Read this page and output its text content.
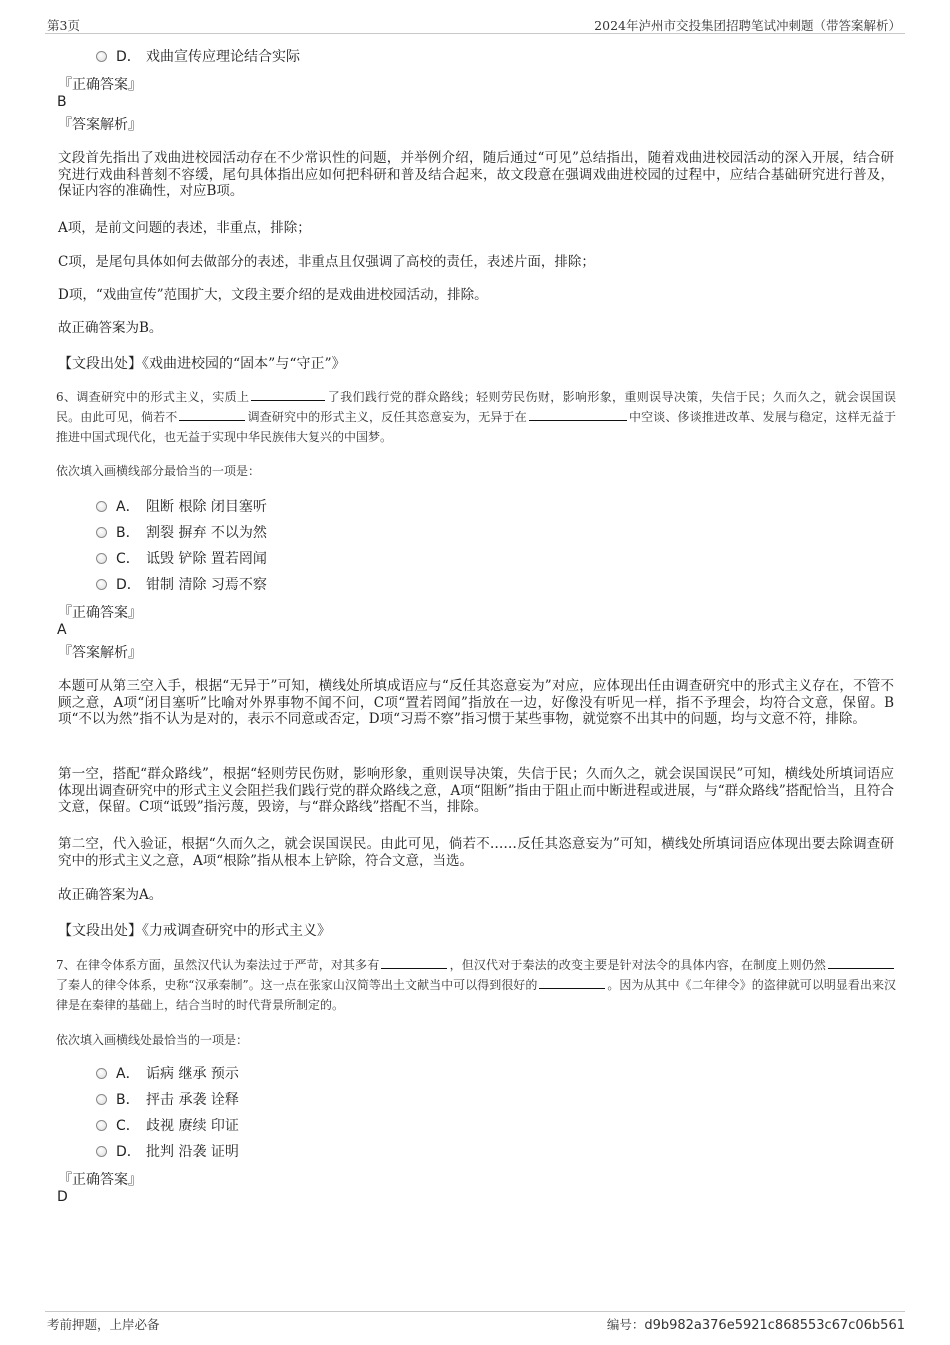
第3页	2024年泸州市交投集团招聘笔试冲刺题（带答案解析）
D． 戏曲宣传应理论结合实际
『正确答案』
B
『答案解析』
文段首先指出了戏曲进校园活动存在不少常识性的问题，并举例介绍，随后通过“可见”总结指出，随着戏曲进校园活动的深入开展，结合研究进行戏曲科普刻不容缓，尾句具体指出应如何把科研和普及结合起来，故文段意在强调戏曲进校园的过程中，应结合基础研究进行普及，保证内容的准确性，对应B项。
A项，是前文问题的表述，非重点，排除；
C项，是尾句具体如何去做部分的表述，非重点且仅强调了高校的责任，表述片面，排除；
D项，“戏曲宣传”范围扩大，文段主要介绍的是戏曲进校园活动，排除。
故正确答案为B。
【文段出处】《戏曲进校园的“固本”与“守正”》
6、调查研究中的形式主义，实质上	了我们践行党的群众路线；轻则劳民伤财，影响形象，重则误导决策，失信于民；久而久之，就会误国误民。由此可见，倘若不	调查研究中的形式主义，反任其恣意妄为，无异于在	中空谈、侈谈推进改革、发展与稳定，这样无益于推进中国式现代化，也无益于实现中华民族伟大复兴的中国梦。
依次填入画横线部分最恰当的一项是：
A． 阻断 根除 闭目塞听
B． 割裂 摒弃 不以为然
C． 诋毁 铲除 置若罔闻
D． 钳制 清除 习焉不察
『正确答案』
A
『答案解析』
本题可从第三空入手，根据“无异于”可知，横线处所填成语应与“反任其恣意妄为”对应，应体现出任由调查研究中的形式主义存在，不管不顾之意，A项“闭目塞听”比喻对外界事物不闻不问，C项“置若罔闻”指放在一边，好像没有听见一样，指不予理会，均符合文意，保留。B项“不以为然”指不认为是对的，表示不同意或否定，D项“习焉不察”指习惯于某些事物，就觉察不出其中的问题，均与文意不符，排除。
第一空，搭配“群众路线”，根据“轻则劳民伤财，影响形象，重则误导决策，失信于民；久而久之，就会误国误民”可知，横线处所填词语应体现出调查研究中的形式主义会阻拦我们践行党的群众路线之意，A项“阻断”指由于阻止而中断进程或进展，与“群众路线”搭配恰当，且符合文意，保留。C项“诋毁”指污蔑，毁谤，与“群众路线”搭配不当，排除。
第二空，代入验证，根据“久而久之，就会误国误民。由此可见，倘若不……反任其恣意妄为”可知，横线处所填词语应体现出要去除调查研究中的形式主义之意，A项“根除”指从根本上铲除，符合文意，当选。
故正确答案为A。
【文段出处】《力戒调查研究中的形式主义》
7、在律令体系方面，虽然汉代认为秦法过于严苛，对其多有	，但汉代对于秦法的改变主要是针对法令的具体内容，在制度上则仍然了秦人的律令体系，史称“汉承秦制”。这一点在张家山汉简等出土文献当中可以得到很好的	。因为从其中《二年律令》的盗律就可以明显看出来汉律是在秦律的基础上，结合当时的时代背景所制定的。
依次填入画横线处最恰当的一项是：
A． 诟病 继承 预示
B． 抨击 承袭 诠释
C． 歧视 赓续 印证
D． 批判 沿袭 证明
『正确答案』
D
考前押题，上岸必备	编号：d9b982a376e5921c868553c67c06b561
